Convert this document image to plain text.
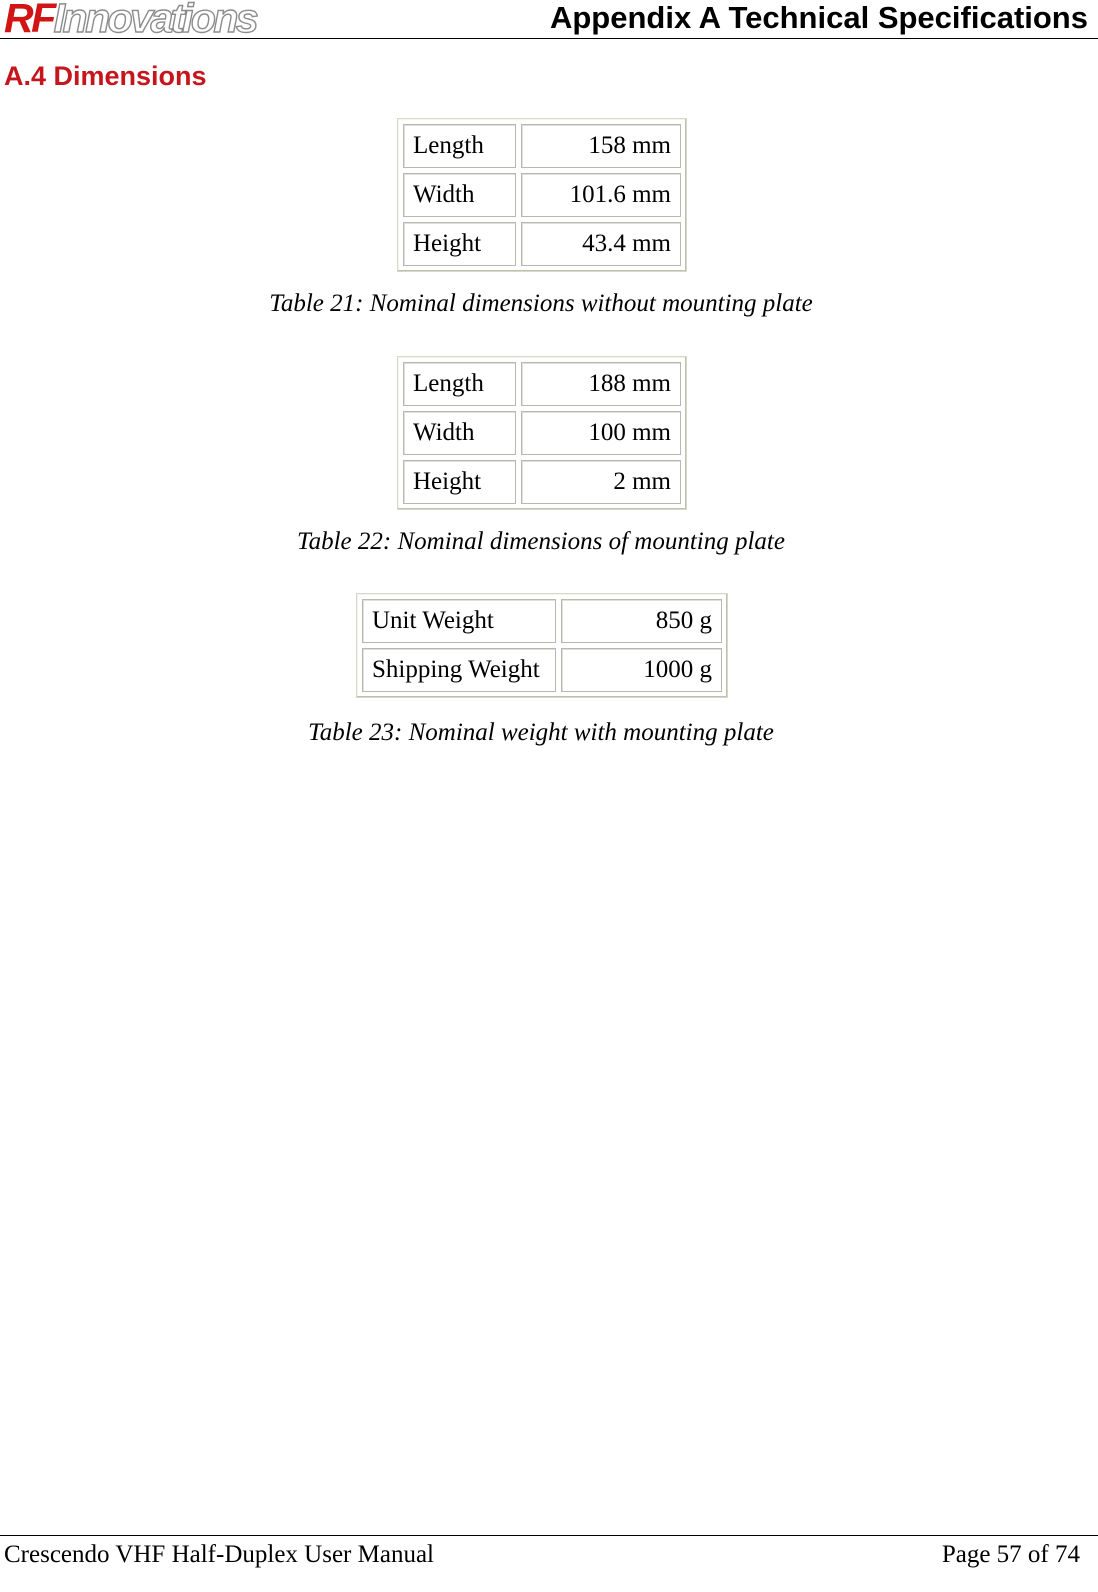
RFInnovations	Appendix A Technical Specifications
A.4 Dimensions
Length	158 mm
Width	101.6 mm
Height	43.4 mm

Table 21: Nominal dimensions without mounting plate

Length	188 mm
Width	100 mm
Height	2 mm

Table 22: Nominal dimensions of mounting plate

Unit Weight	850 g
Shipping Weight	1000 g

Table 23: Nominal weight with mounting plate

Crescendo VHF Half-Duplex User Manual	Page 57 of 74
